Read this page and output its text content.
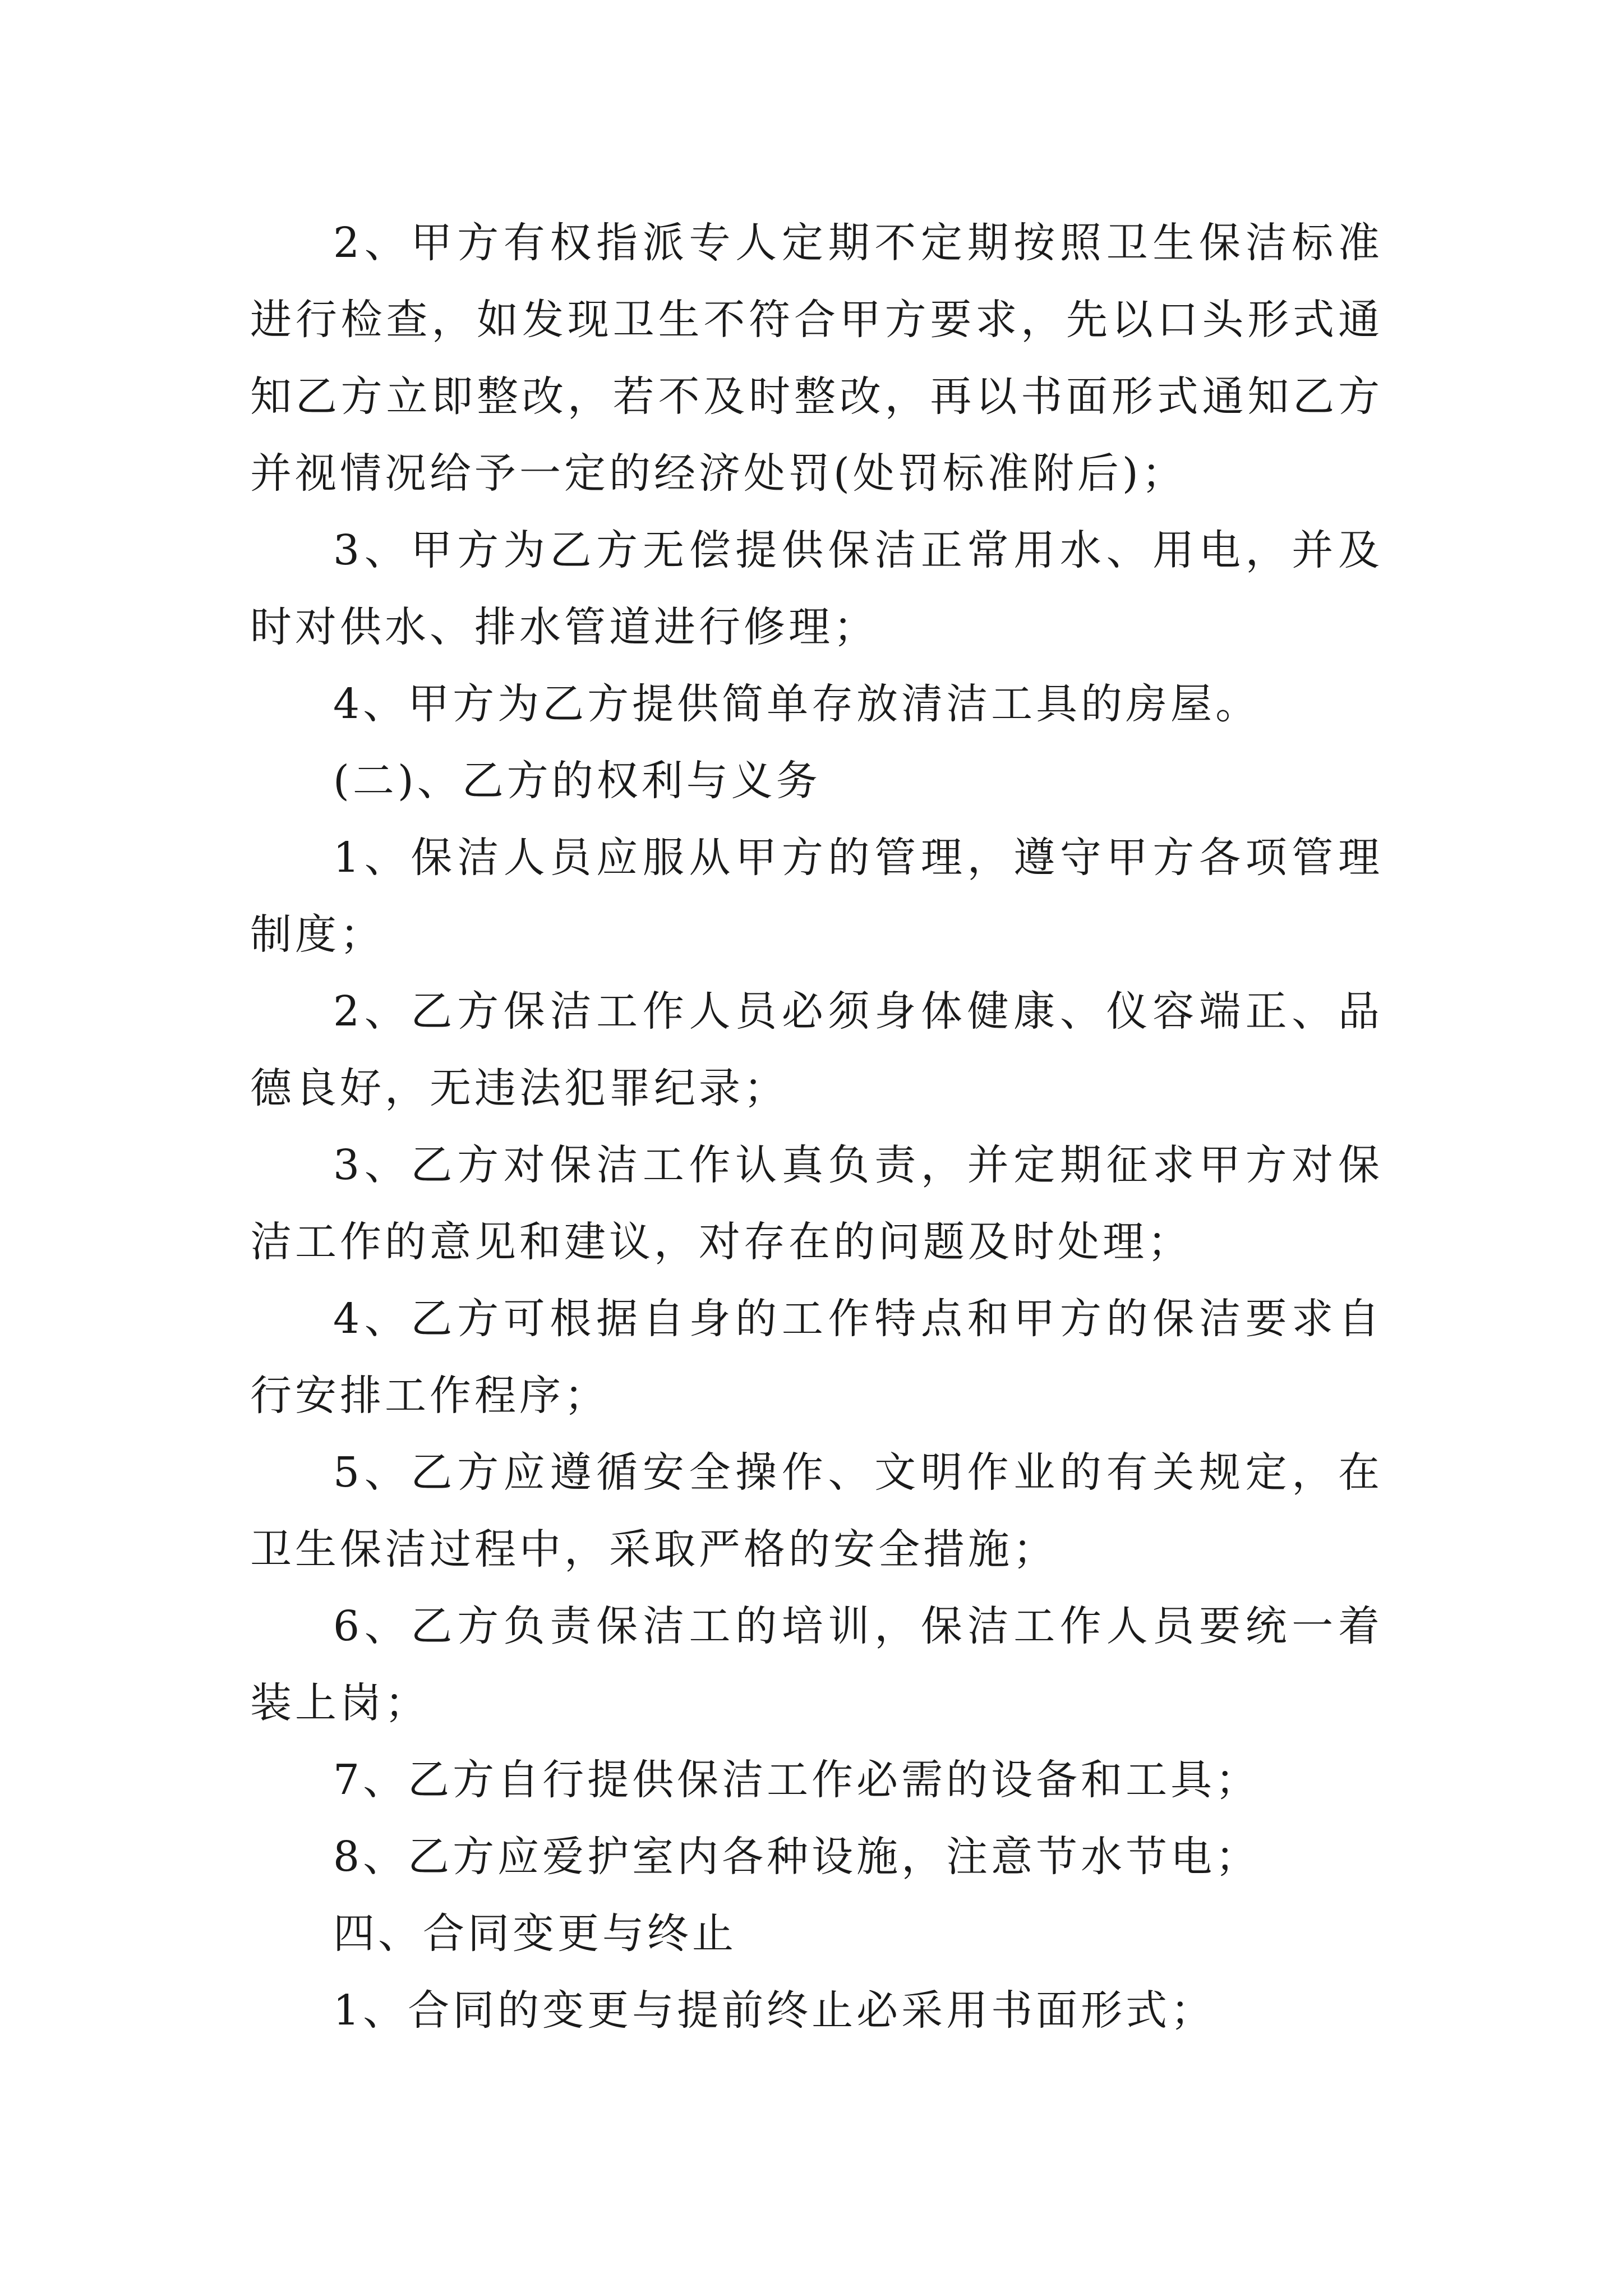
2、甲方有权指派专人定期不定期按照卫生保洁标准进行检查，如发现卫生不符合甲方要求，先以口头形式通知乙方立即整改，若不及时整改，再以书面形式通知乙方并视情况给予一定的经济处罚(处罚标准附后)；

3、甲方为乙方无偿提供保洁正常用水、用电，并及时对供水、排水管道进行修理；

4、甲方为乙方提供简单存放清洁工具的房屋。

(二)、乙方的权利与义务

1、保洁人员应服从甲方的管理，遵守甲方各项管理制度；

2、乙方保洁工作人员必须身体健康、仪容端正、品德良好，无违法犯罪纪录；

3、乙方对保洁工作认真负责，并定期征求甲方对保洁工作的意见和建议，对存在的问题及时处理；

4、乙方可根据自身的工作特点和甲方的保洁要求自行安排工作程序；

5、乙方应遵循安全操作、文明作业的有关规定，在卫生保洁过程中，采取严格的安全措施；

6、乙方负责保洁工的培训，保洁工作人员要统一着装上岗；

7、乙方自行提供保洁工作必需的设备和工具；

8、乙方应爱护室内各种设施，注意节水节电；

四、合同变更与终止

1、合同的变更与提前终止必采用书面形式；
